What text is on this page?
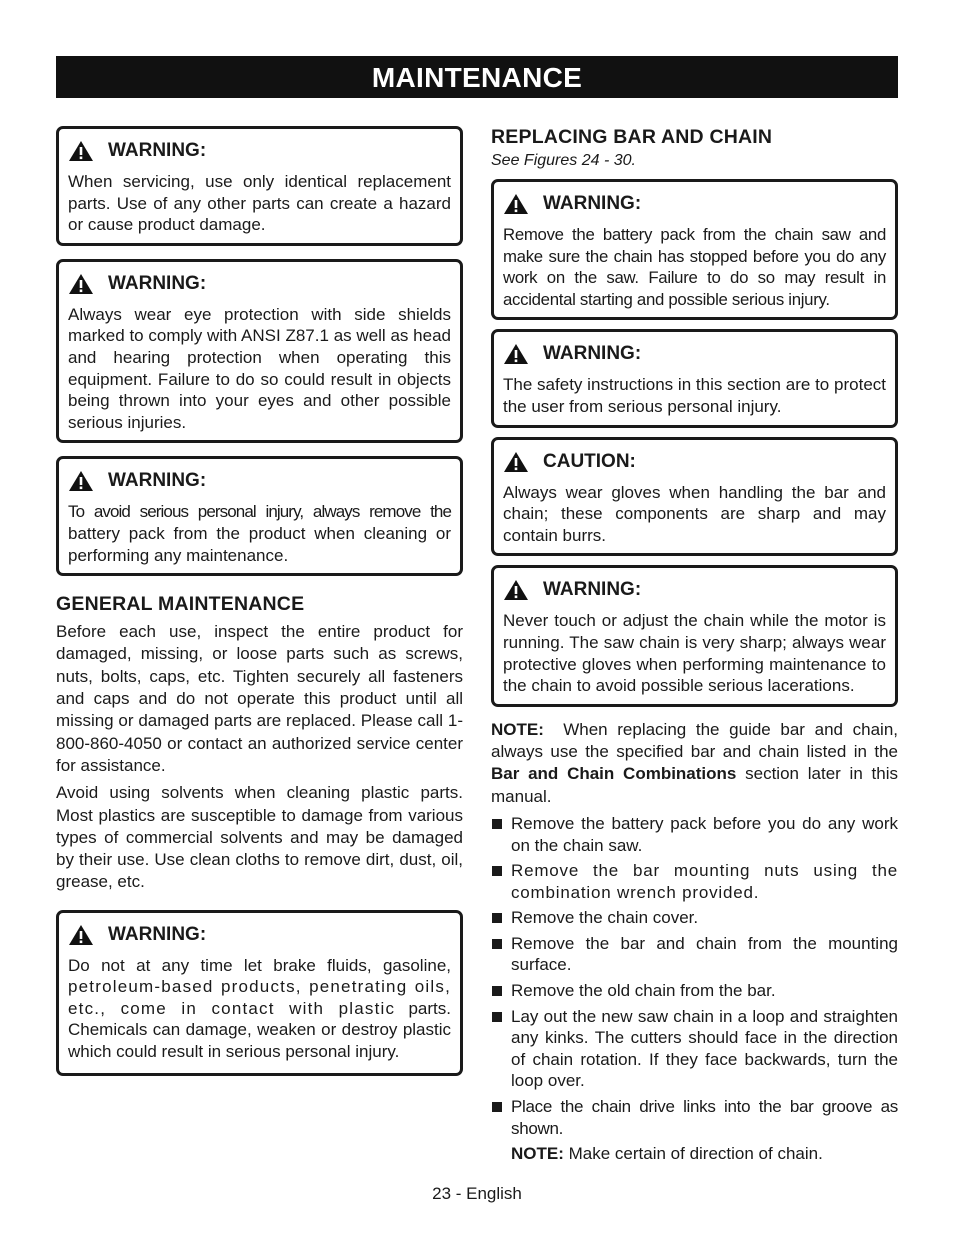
MAINTENANCE
WARNING:
When servicing, use only identical replacement parts. Use of any other parts can create a hazard or cause product damage.
WARNING:
Always wear eye protection with side shields marked to comply with ANSI Z87.1 as well as head and hearing protection when operating this equipment. Failure to do so could result in objects being thrown into your eyes and other possible serious injuries.
WARNING:
To avoid serious personal injury, always remove the battery pack from the product when cleaning or performing any maintenance.
GENERAL MAINTENANCE

Before each use, inspect the entire product for damaged, missing, or loose parts such as screws, nuts, bolts, caps, etc. Tighten securely all fasteners and caps and do not operate this product until all missing or damaged parts are replaced. Please call 1-800-860-4050 or contact an authorized service center for assistance.

Avoid using solvents when cleaning plastic parts. Most plastics are susceptible to damage from various types of commercial solvents and may be damaged by their use. Use clean cloths to remove dirt, dust, oil, grease, etc.

WARNING:
Do not at any time let brake fluids, gasoline, petroleum-based products, penetrating oils, etc., come in contact with plastic parts. Chemicals can damage, weaken or destroy plastic which could result in serious personal injury.
REPLACING BAR AND CHAIN
See Figures 24 - 30.
WARNING:
Remove the battery pack from the chain saw and make sure the chain has stopped before you do any work on the saw. Failure to do so may result in accidental starting and possible serious injury.
WARNING:
The safety instructions in this section are to protect the user from serious personal injury.
CAUTION:
Always wear gloves when handling the bar and chain; these components are sharp and may contain burrs.
WARNING:
Never touch or adjust the chain while the motor is running. The saw chain is very sharp; always wear protective gloves when performing maintenance to the chain to avoid possible serious lacerations.

NOTE: When replacing the guide bar and chain, always use the specified bar and chain listed in the Bar and Chain Combinations section later in this manual.

Remove the battery pack before you do any work on the chain saw.
Remove the bar mounting nuts using the combination wrench provided.
Remove the chain cover.
Remove the bar and chain from the mounting surface.
Remove the old chain from the bar.
Lay out the new saw chain in a loop and straighten any kinks. The cutters should face in the direction of chain rotation. If they face backwards, turn the loop over.
Place the chain drive links into the bar groove as shown.
NOTE: Make certain of direction of chain.
23 - English
